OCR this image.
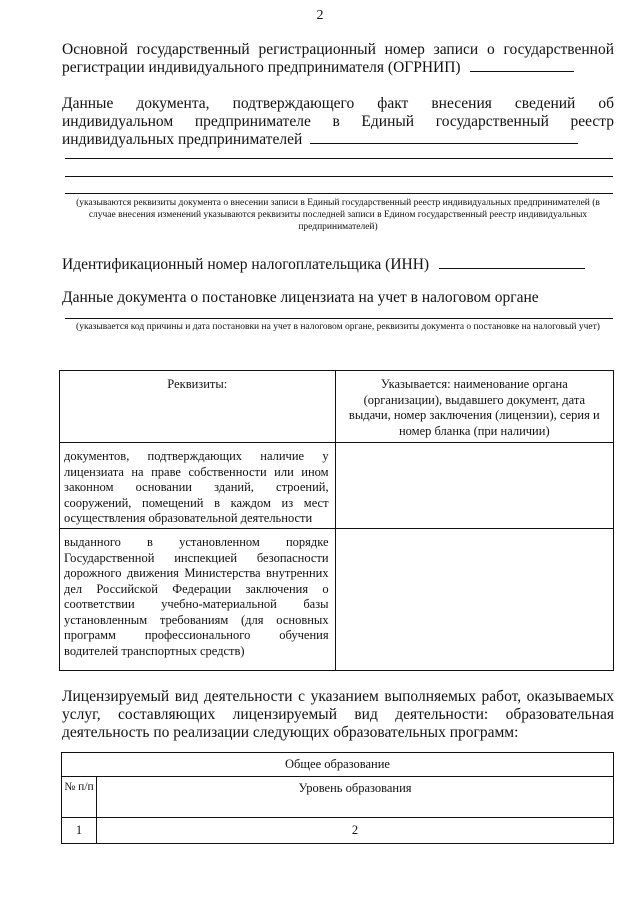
2
Основной государственный регистрационный номер записи о государственной регистрации индивидуального предпринимателя (ОГРНИП)
Данные документа, подтверждающего факт внесения сведений об индивидуальном предпринимателе в Единый государственный реестр индивидуальных предпринимателей
(указываются реквизиты документа о внесении записи в Единый государственный реестр индивидуальных предпринимателей (в случае внесения изменений указываются реквизиты последней записи в Едином государственный реестр индивидуальных предпринимателей)
Идентификационный номер налогоплательщика (ИНН)
Данные документа о постановке лицензиата на учет в налоговом органе
(указывается код причины и дата постановки на учет в налоговом органе, реквизиты документа о постановке на налоговый учет)
Реквизиты:	Указывается: наименование органа (организации), выдавшего документ, дата выдачи, номер заключения (лицензии), серия и номер бланка (при наличии)

документов, подтверждающих наличие у лицензиата на праве собственности или ином законном основании зданий, строений, сооружений, помещений в каждом из мест осуществления образовательной деятельности	

выданного в установленном порядке Государственной инспекцией безопасности дорожного движения Министерства внутренних дел Российской Федерации заключения о соответствии учебно-материальной базы установленным требованиям (для основных программ профессионального обучения водителей транспортных средств)	

Лицензируемый вид деятельности с указанием выполняемых работ, оказываемых услуг, составляющих лицензируемый вид деятельности: образовательная деятельность по реализации следующих образовательных программ:
Общее образование	

№ п/п	Уровень образования

1	2
